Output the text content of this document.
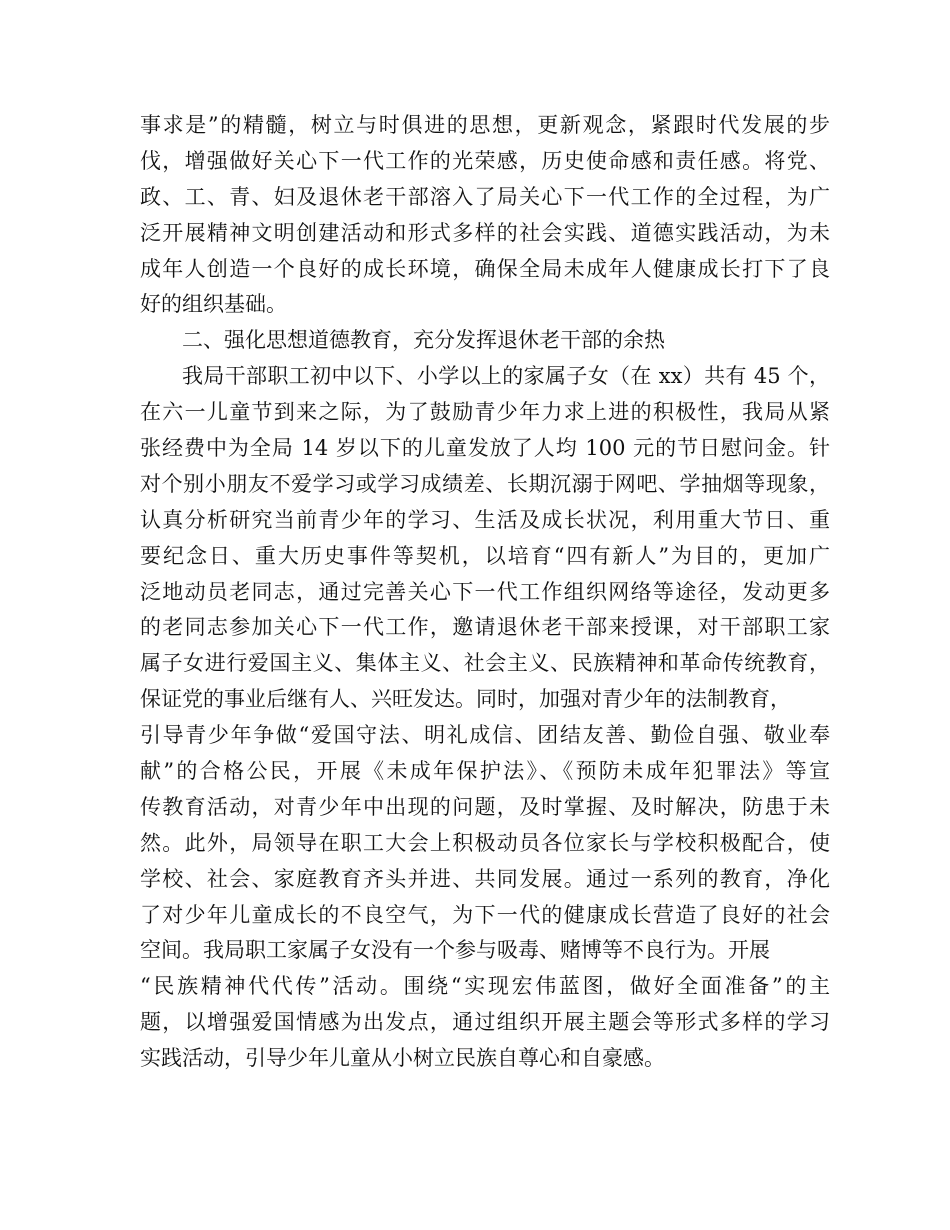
事求是”的精髓，树立与时俱进的思想，更新观念，紧跟时代发展的步
伐，增强做好关心下一代工作的光荣感，历史使命感和责任感。将党、
政、工、青、妇及退休老干部溶入了局关心下一代工作的全过程，为广
泛开展精神文明创建活动和形式多样的社会实践、道德实践活动，为未
成年人创造一个良好的成长环境，确保全局未成年人健康成长打下了良
好的组织基础。
二、强化思想道德教育，充分发挥退休老干部的余热
我局干部职工初中以下、小学以上的家属子女（在 xx）共有 45 个，
在六一儿童节到来之际，为了鼓励青少年力求上进的积极性，我局从紧
张经费中为全局 14 岁以下的儿童发放了人均 100 元的节日慰问金。针
对个别小朋友不爱学习或学习成绩差、长期沉溺于网吧、学抽烟等现象，
认真分析研究当前青少年的学习、生活及成长状况，利用重大节日、重
要纪念日、重大历史事件等契机，以培育“四有新人”为目的，更加广
泛地动员老同志，通过完善关心下一代工作组织网络等途径，发动更多
的老同志参加关心下一代工作，邀请退休老干部来授课，对干部职工家
属子女进行爱国主义、集体主义、社会主义、民族精神和革命传统教育，
保证党的事业后继有人、兴旺发达。同时，加强对青少年的法制教育，
引导青少年争做“爱国守法、明礼成信、团结友善、勤俭自强、敬业奉
献”的合格公民，开展《未成年保护法》、《预防未成年犯罪法》等宣
传教育活动，对青少年中出现的问题，及时掌握、及时解决，防患于未
然。此外，局领导在职工大会上积极动员各位家长与学校积极配合，使
学校、社会、家庭教育齐头并进、共同发展。通过一系列的教育，净化
了对少年儿童成长的不良空气，为下一代的健康成长营造了良好的社会
空间。我局职工家属子女没有一个参与吸毒、赌博等不良行为。开展
“民族精神代代传”活动。围绕“实现宏伟蓝图，做好全面准备”的主
题，以增强爱国情感为出发点，通过组织开展主题会等形式多样的学习
实践活动，引导少年儿童从小树立民族自尊心和自豪感。
